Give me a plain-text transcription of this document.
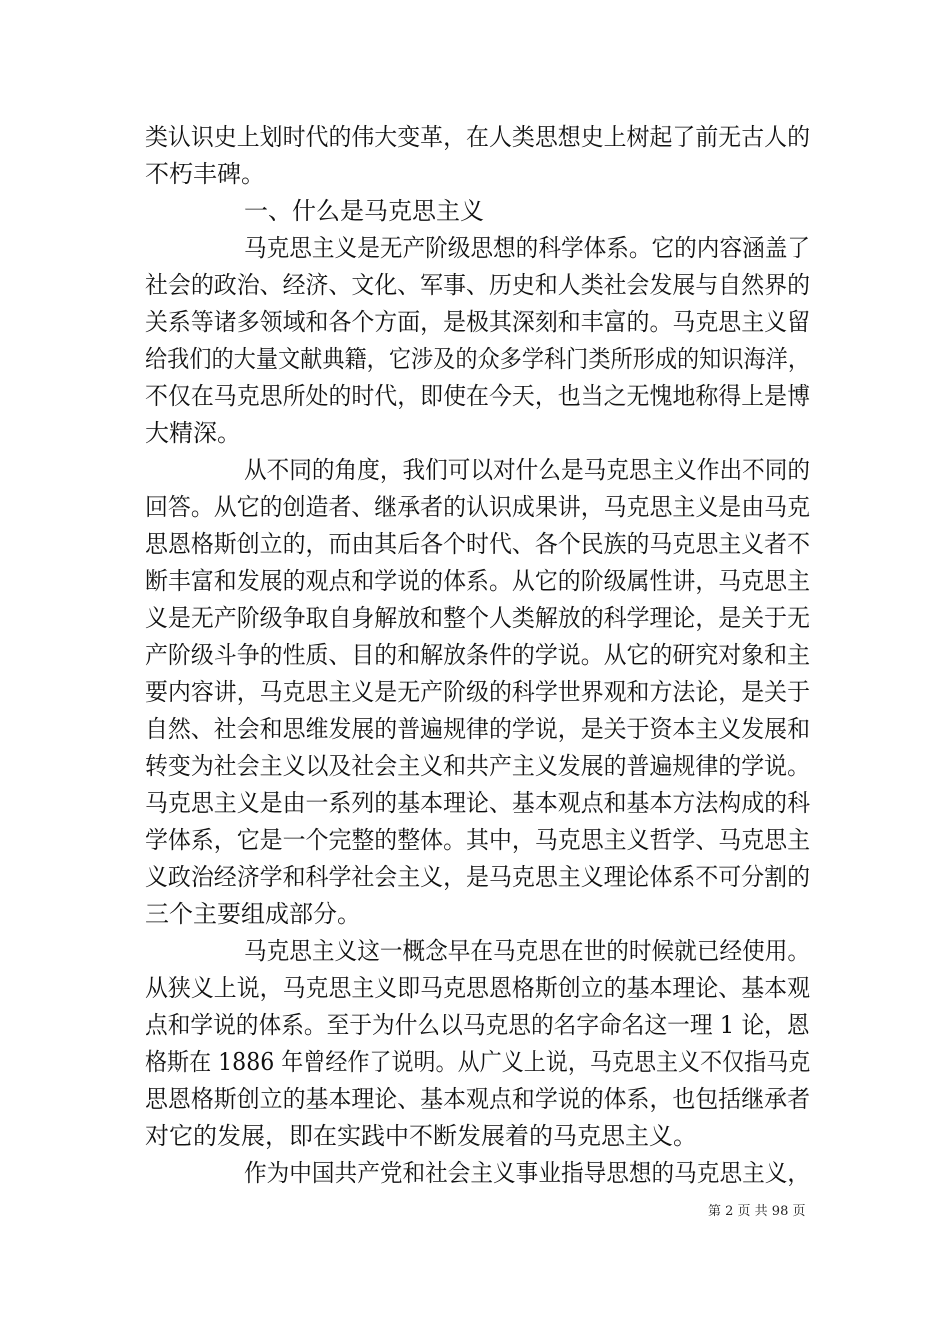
类认识史上划时代的伟大变革，在人类思想史上树起了前无古人的
不朽丰碑。
一、什么是马克思主义
马克思主义是无产阶级思想的科学体系。它的内容涵盖了
社会的政治、经济、文化、军事、历史和人类社会发展与自然界的
关系等诸多领域和各个方面，是极其深刻和丰富的。马克思主义留
给我们的大量文献典籍，它涉及的众多学科门类所形成的知识海洋，
不仅在马克思所处的时代，即使在今天，也当之无愧地称得上是博
大精深。
从不同的角度，我们可以对什么是马克思主义作出不同的
回答。从它的创造者、继承者的认识成果讲，马克思主义是由马克
思恩格斯创立的，而由其后各个时代、各个民族的马克思主义者不
断丰富和发展的观点和学说的体系。从它的阶级属性讲，马克思主
义是无产阶级争取自身解放和整个人类解放的科学理论，是关于无
产阶级斗争的性质、目的和解放条件的学说。从它的研究对象和主
要内容讲，马克思主义是无产阶级的科学世界观和方法论，是关于
自然、社会和思维发展的普遍规律的学说，是关于资本主义发展和
转变为社会主义以及社会主义和共产主义发展的普遍规律的学说。
马克思主义是由一系列的基本理论、基本观点和基本方法构成的科
学体系，它是一个完整的整体。其中，马克思主义哲学、马克思主
义政治经济学和科学社会主义，是马克思主义理论体系不可分割的
三个主要组成部分。
马克思主义这一概念早在马克思在世的时候就已经使用。
从狭义上说，马克思主义即马克思恩格斯创立的基本理论、基本观
点和学说的体系。至于为什么以马克思的名字命名这一理 1 论，恩
格斯在 1886 年曾经作了说明。从广义上说，马克思主义不仅指马克
思恩格斯创立的基本理论、基本观点和学说的体系，也包括继承者
对它的发展，即在实践中不断发展着的马克思主义。
作为中国共产党和社会主义事业指导思想的马克思主义，
第 2 页 共 98 页
